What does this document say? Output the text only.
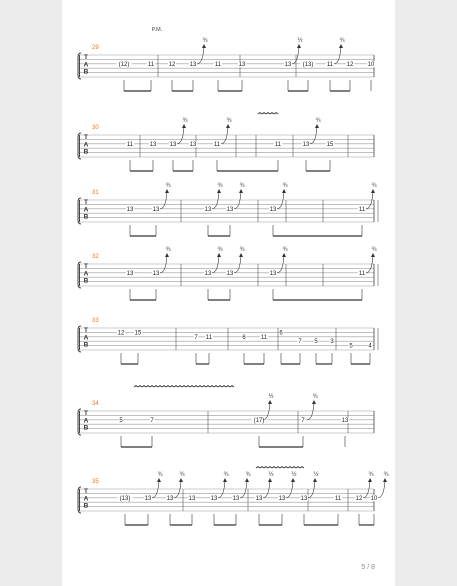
29
T
A
B
(12)	11 12 13	11	13	13 (13) 11 12 10
¾	½	¾
30
T
A
B
11	13 13 13	11	11	13	15
¾	¾	¾
31
T
A
B
13	13	13	13	13	11
¾	¾	¾	¾	¾
32
T
A
B
13	13	13	13	13	11
¾	¾	¾	¾	¾
33
T
A
B
12 15
7 11	6	11
6
7 5 3
5	4
34
T
A
B
5	7	(17)	7	13
½	¾
35
T
A
B
(13) 13	13	13	13	13	13	13	13	11 12 10
¾	¾	¾	¾	½	½	½	¾ ¾
P.M.
5 / 8
